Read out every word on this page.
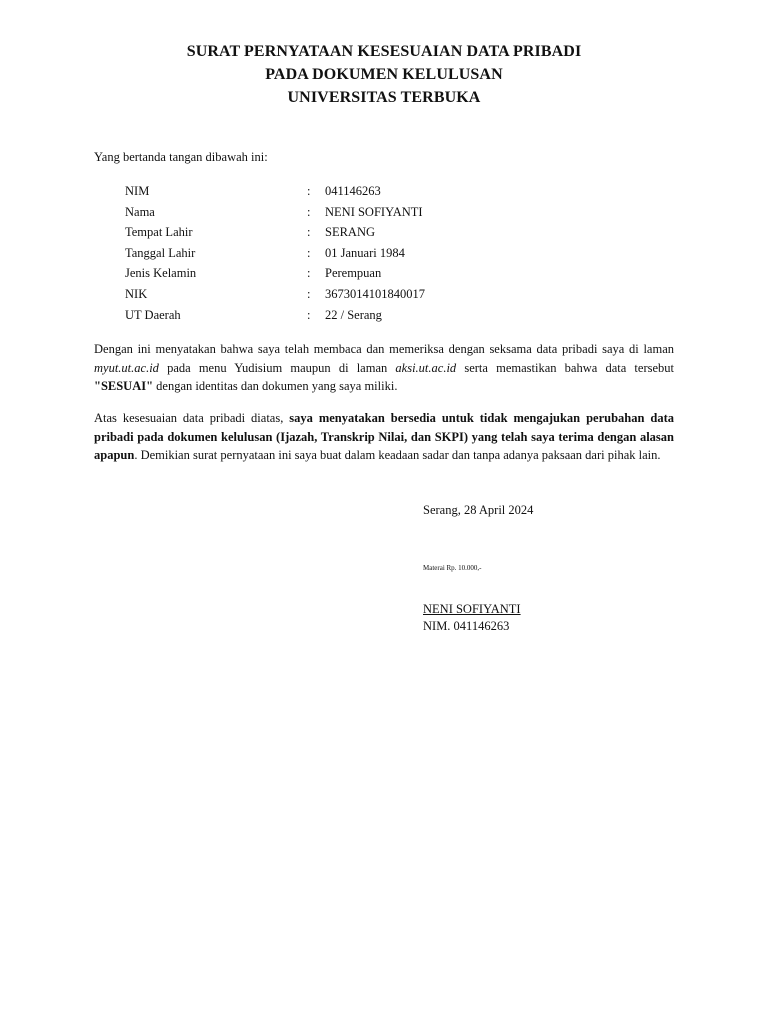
SURAT PERNYATAAN KESESUAIAN DATA PRIBADI
PADA DOKUMEN KELULUSAN
UNIVERSITAS TERBUKA
Yang bertanda tangan dibawah ini:
NIM	:	041146263
Nama	:	NENI SOFIYANTI
Tempat Lahir	:	SERANG
Tanggal Lahir	:	01 Januari 1984
Jenis Kelamin	:	Perempuan
NIK	:	3673014101840017
UT Daerah	:	22 / Serang
Dengan ini menyatakan bahwa saya telah membaca dan memeriksa dengan seksama data pribadi saya di laman myut.ut.ac.id pada menu Yudisium maupun di laman aksi.ut.ac.id serta memastikan bahwa data tersebut "SESUAI" dengan identitas dan dokumen yang saya miliki.
Atas kesesuaian data pribadi diatas, saya menyatakan bersedia untuk tidak mengajukan perubahan data pribadi pada dokumen kelulusan (Ijazah, Transkrip Nilai, dan SKPI) yang telah saya terima dengan alasan apapun. Demikian surat pernyataan ini saya buat dalam keadaan sadar dan tanpa adanya paksaan dari pihak lain.
Serang, 28 April 2024
Materai Rp. 10.000,-
NENI SOFIYANTI
NIM. 041146263
